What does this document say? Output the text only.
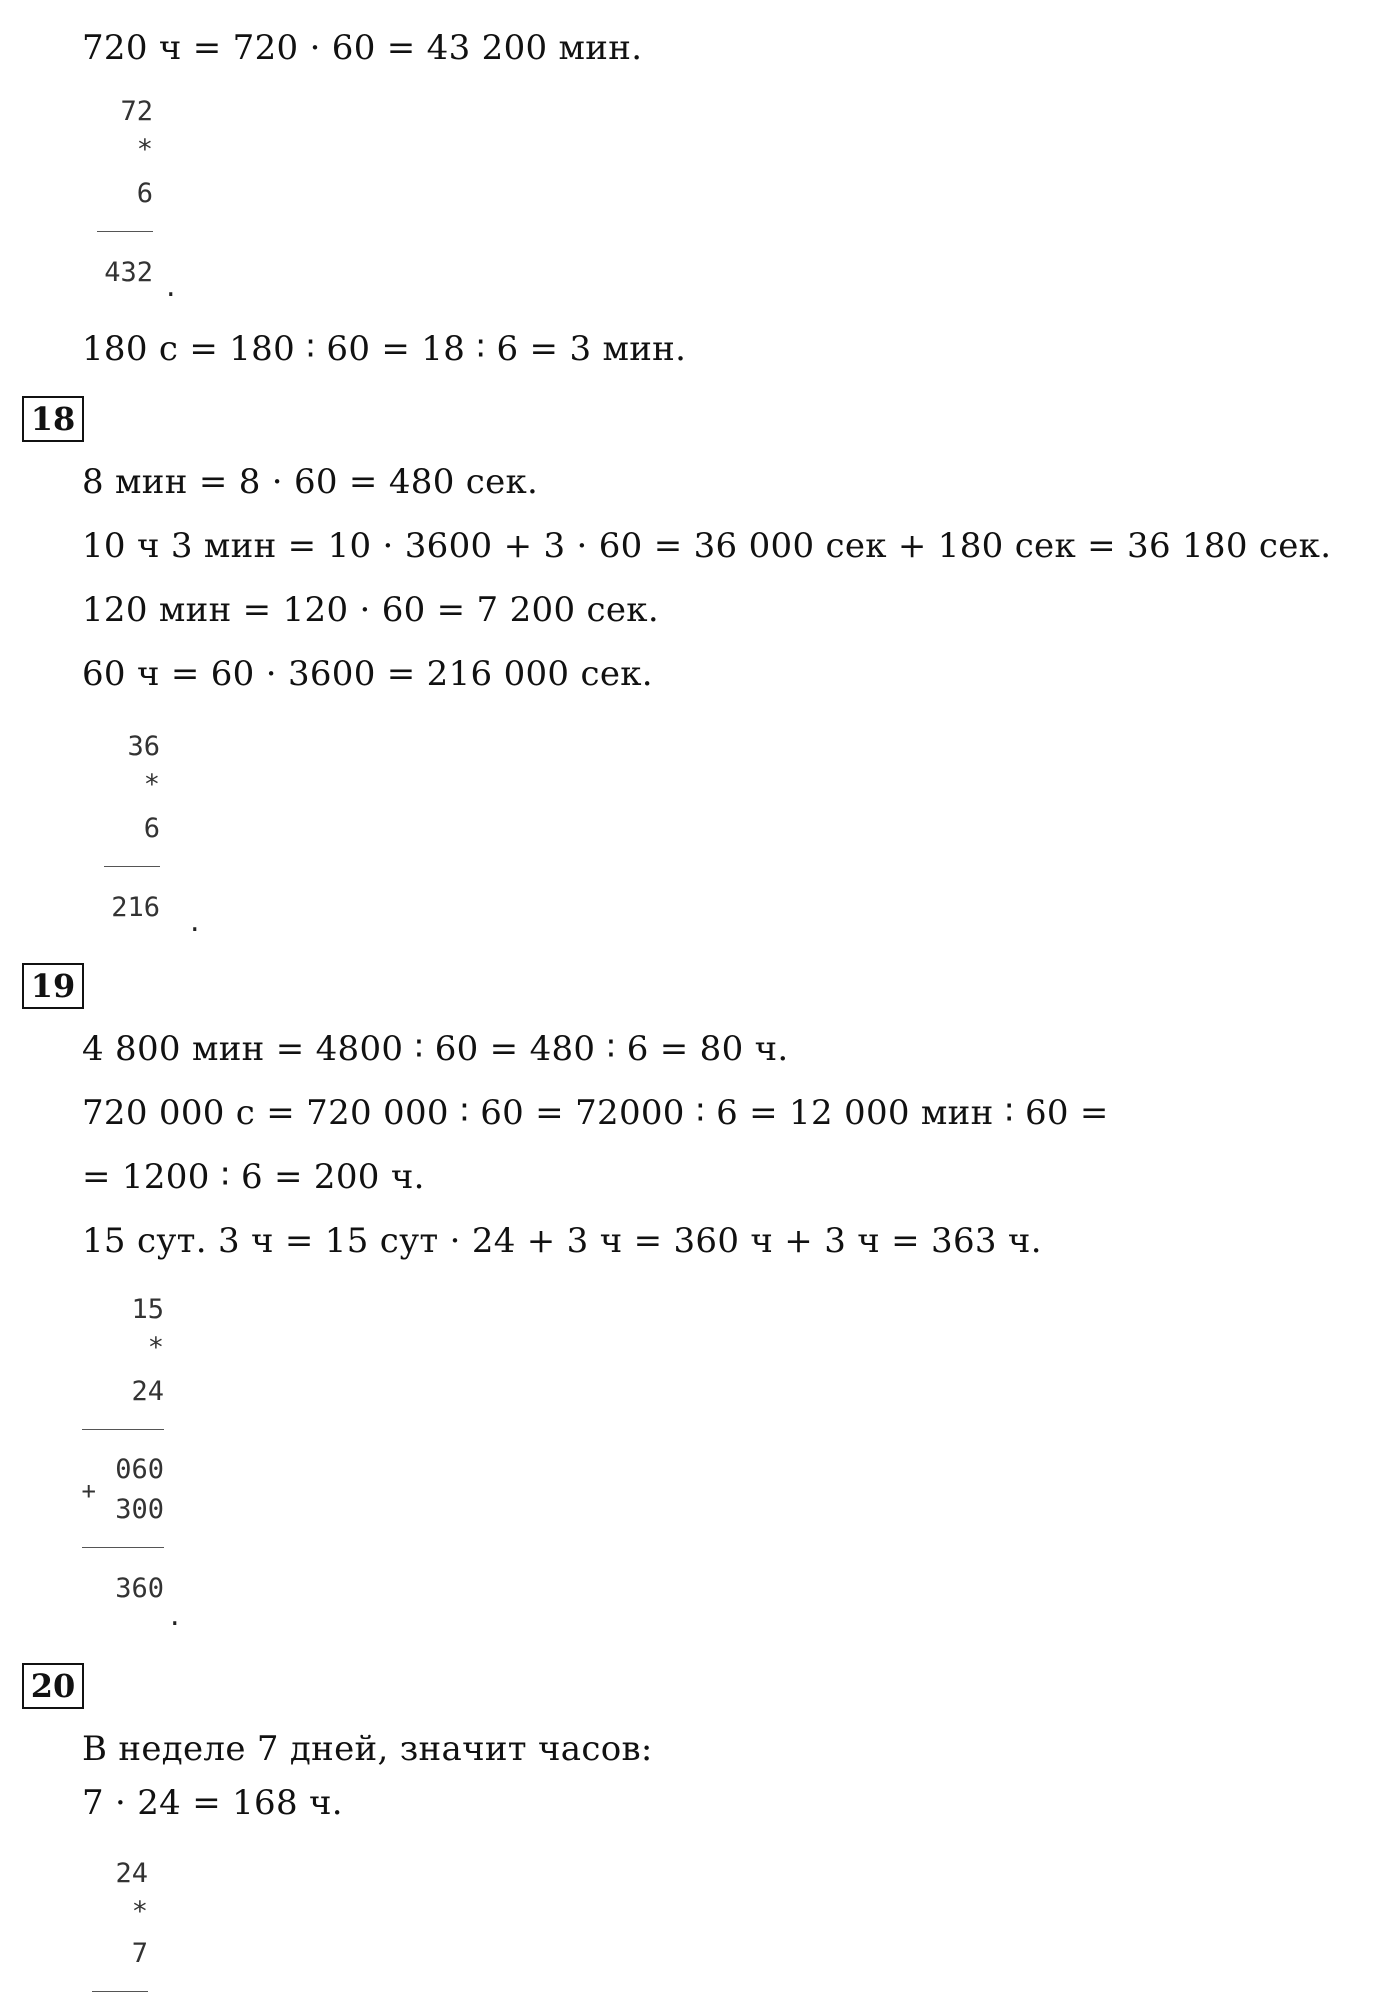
720 ч = 720 · 60 = 43 200 мин.
72
*
6
432 .
180 с = 180 ∶ 60 = 18 ∶ 6 = 3 мин.
18
8 мин = 8 · 60 = 480 сек.
10 ч 3 мин = 10 · 3600 + 3 · 60 = 36 000 сек + 180 сек = 36 180 сек.
120 мин = 120 · 60 = 7 200 сек.
60 ч = 60 · 3600 = 216 000 сек.
36
*
6
216 .
19
4 800 мин = 4800 ∶ 60 = 480 ∶ 6 = 80 ч.
720 000 с = 720 000 ∶ 60 = 72000 ∶ 6 = 12 000 мин ∶ 60 =
= 1200 ∶ 6 = 200 ч.
15 сут. 3 ч = 15 сут · 24 + 3 ч = 360 ч + 3 ч = 363 ч.
15
*
24
060
+
300
360
.
20
В неделе 7 дней, значит часов:
7 · 24 = 168 ч.
24
*
7
